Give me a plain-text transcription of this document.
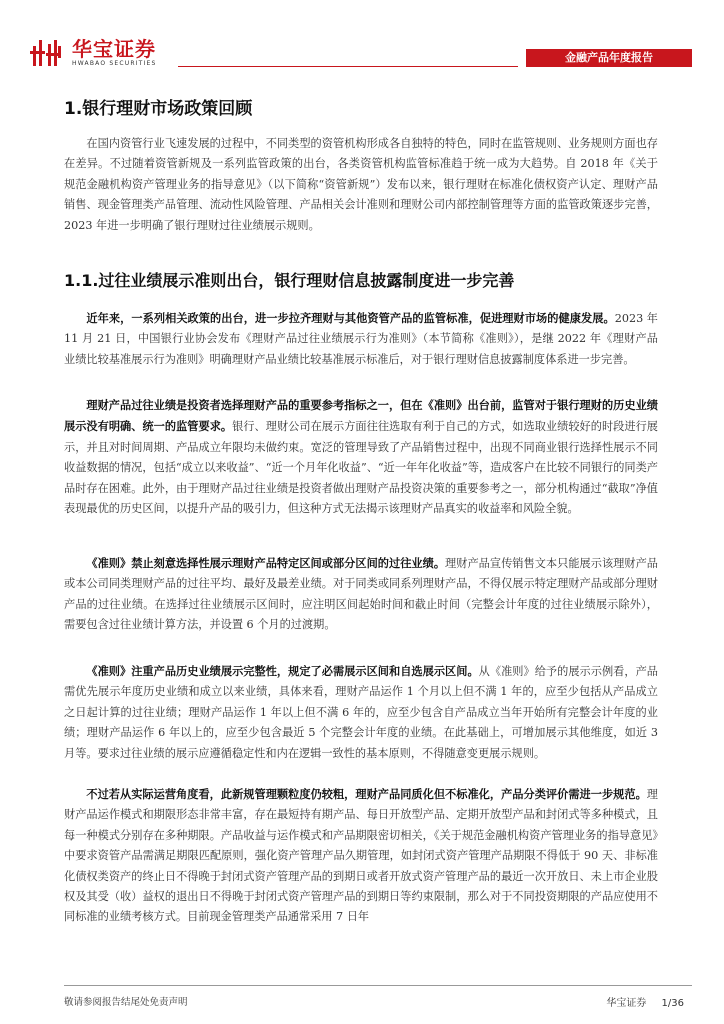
华宝证券
HWABAO SECURITIES	金融产品年度报告
1.银行理财市场政策回顾

在国内资管行业飞速发展的过程中，不同类型的资管机构形成各自独特的特色，同时在监管规则、业务规则方面也存在差异。不过随着资管新规及一系列监管政策的出台，各类资管机构监管标准趋于统一成为大趋势。自 2018 年《关于规范金融机构资产管理业务的指导意见》（以下简称“资管新规”）发布以来，银行理财在标准化债权资产认定、理财产品销售、现金管理类产品管理、流动性风险管理、产品相关会计准则和理财公司内部控制管理等方面的监管政策逐步完善，2023 年进一步明确了银行理财过往业绩展示规则。

1.1.过往业绩展示准则出台，银行理财信息披露制度进一步完善

近年来，一系列相关政策的出台，进一步拉齐理财与其他资管产品的监管标准，促进理财市场的健康发展。2023 年 11 月 21 日，中国银行业协会发布《理财产品过往业绩展示行为准则》（本节简称《准则》），是继 2022 年《理财产品业绩比较基准展示行为准则》明确理财产品业绩比较基准展示标准后，对于银行理财信息披露制度体系进一步完善。

理财产品过往业绩是投资者选择理财产品的重要参考指标之一，但在《准则》出台前，监管对于银行理财的历史业绩展示没有明确、统一的监管要求。银行、理财公司在展示方面往往选取有利于自己的方式，如选取业绩较好的时段进行展示，并且对时间周期、产品成立年限均未做约束。宽泛的管理导致了产品销售过程中，出现不同商业银行选择性展示不同收益数据的情况，包括“成立以来收益”、“近一个月年化收益”、“近一年年化收益”等，造成客户在比较不同银行的同类产品时存在困难。此外，由于理财产品过往业绩是投资者做出理财产品投资决策的重要参考之一，部分机构通过“截取”净值表现最优的历史区间，以提升产品的吸引力，但这种方式无法揭示该理财产品真实的收益率和风险全貌。

《准则》禁止刻意选择性展示理财产品特定区间或部分区间的过往业绩。理财产品宣传销售文本只能展示该理财产品或本公司同类理财产品的过往平均、最好及最差业绩。对于同类或同系列理财产品，不得仅展示特定理财产品或部分理财产品的过往业绩。在选择过往业绩展示区间时，应注明区间起始时间和截止时间（完整会计年度的过往业绩展示除外），需要包含过往业绩计算方法，并设置 6 个月的过渡期。

《准则》注重产品历史业绩展示完整性，规定了必需展示区间和自选展示区间。从《准则》给予的展示示例看，产品需优先展示年度历史业绩和成立以来业绩，具体来看，理财产品运作 1 个月以上但不满 1 年的，应至少包括从产品成立之日起计算的过往业绩；理财产品运作 1 年以上但不满 6 年的，应至少包含自产品成立当年开始所有完整会计年度的业绩；理财产品运作 6 年以上的，应至少包含最近 5 个完整会计年度的业绩。在此基础上，可增加展示其他维度，如近 3 月等。要求过往业绩的展示应遵循稳定性和内在逻辑一致性的基本原则，不得随意变更展示规则。

不过若从实际运营角度看，此新规管理颗粒度仍较粗，理财产品同质化但不标准化，产品分类评价需进一步规范。理财产品运作模式和期限形态非常丰富，存在最短持有期产品、每日开放型产品、定期开放型产品和封闭式等多种模式，且每一种模式分别存在多种期限。产品收益与运作模式和产品期限密切相关，《关于规范金融机构资产管理业务的指导意见》中要求资管产品需满足期限匹配原则，强化资产管理产品久期管理，如封闭式资产管理产品期限不得低于 90 天、非标准化债权类资产的终止日不得晚于封闭式资产管理产品的到期日或者开放式资产管理产品的最近一次开放日、未上市企业股权及其受（收）益权的退出日不得晚于封闭式资产管理产品的到期日等约束限制，那么对于不同投资期限的产品应使用不同标准的业绩考核方式。目前现金管理类产品通常采用 7 日年

敬请参阅报告结尾处免责声明	华宝证券 1/36
